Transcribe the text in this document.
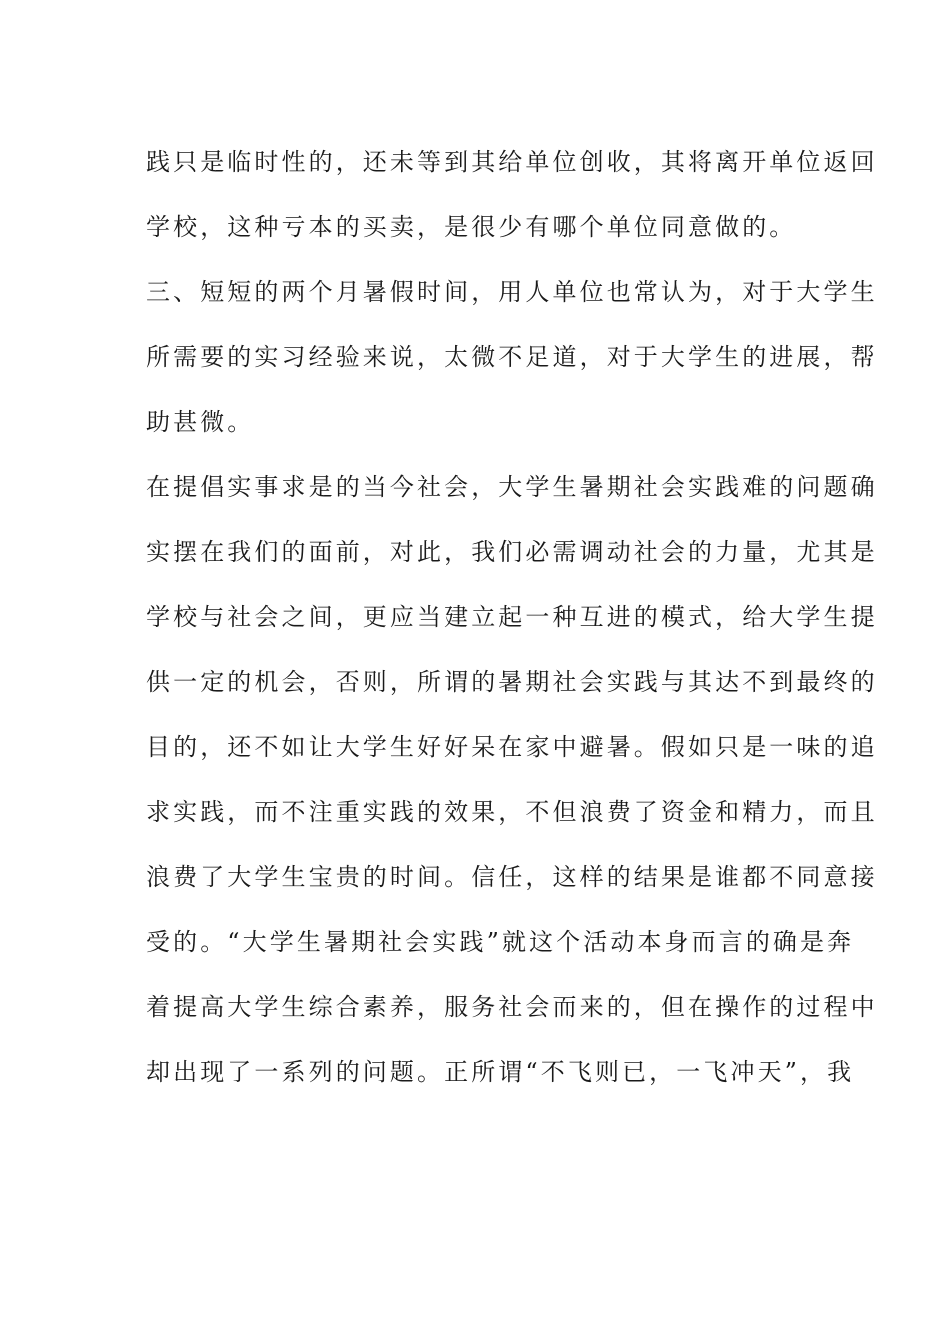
践只是临时性的，还未等到其给单位创收，其将离开单位返回
学校，这种亏本的买卖，是很少有哪个单位同意做的。
三、短短的两个月暑假时间，用人单位也常认为，对于大学生
所需要的实习经验来说，太微不足道，对于大学生的进展，帮
助甚微。
在提倡实事求是的当今社会，大学生暑期社会实践难的问题确
实摆在我们的面前，对此，我们必需调动社会的力量，尤其是
学校与社会之间，更应当建立起一种互进的模式，给大学生提
供一定的机会，否则，所谓的暑期社会实践与其达不到最终的
目的，还不如让大学生好好呆在家中避暑。假如只是一味的追
求实践，而不注重实践的效果，不但浪费了资金和精力，而且
浪费了大学生宝贵的时间。信任，这样的结果是谁都不同意接
受的。“大学生暑期社会实践”就这个活动本身而言的确是奔
着提高大学生综合素养，服务社会而来的，但在操作的过程中
却出现了一系列的问题。正所谓“不飞则已，一飞冲天”，我
